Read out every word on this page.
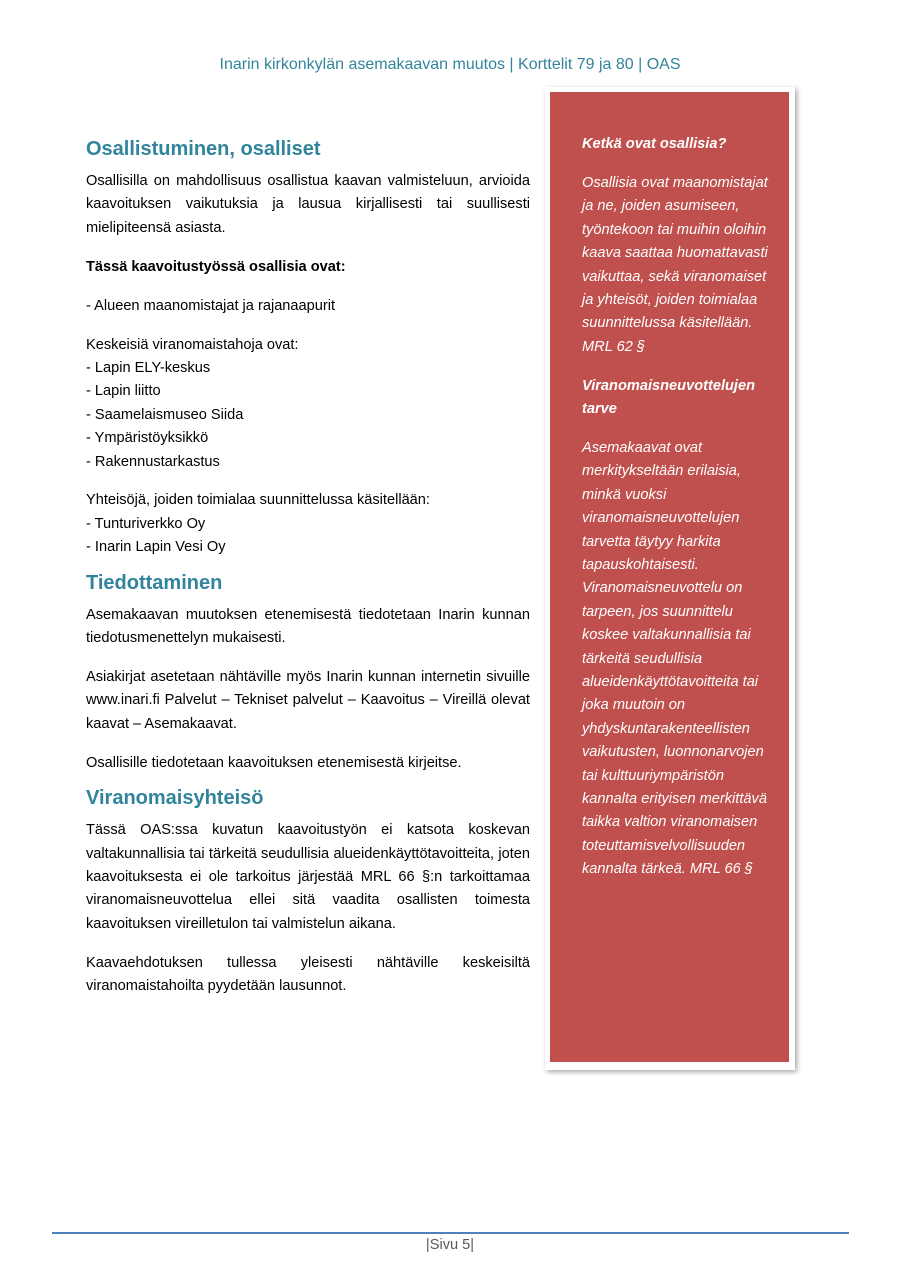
Inarin kirkonkylän asemakaavan muutos | Korttelit 79 ja 80 | OAS
Osallistuminen, osalliset

Osallisilla on mahdollisuus osallistua kaavan valmisteluun, arvioida kaavoituksen vaikutuksia ja lausua kirjallisesti tai suullisesti mielipiteensä asiasta.

Tässä kaavoitustyössä osallisia ovat:

- Alueen maanomistajat ja rajanaapurit

Keskeisiä viranomaistahoja ovat:
- Lapin ELY-keskus
- Lapin liitto
- Saamelaismuseo Siida
- Ympäristöyksikkö
- Rakennustarkastus
Yhteisöjä, joiden toimialaa suunnittelussa käsitellään:
- Tunturiverkko Oy
- Inarin Lapin Vesi Oy
Tiedottaminen

Asemakaavan muutoksen etenemisestä tiedotetaan Inarin kunnan tiedotusmenettelyn mukaisesti.

Asiakirjat asetetaan nähtäville myös Inarin kunnan internetin sivuille www.inari.fi Palvelut – Tekniset palvelut – Kaavoitus – Vireillä olevat kaavat – Asemakaavat.

Osallisille tiedotetaan kaavoituksen etenemisestä kirjeitse.

Viranomaisyhteisö

Tässä OAS:ssa kuvatun kaavoitustyön ei katsota koskevan valtakunnallisia tai tärkeitä seudullisia alueidenkäyttötavoitteita, joten kaavoituksesta ei ole tarkoitus järjestää MRL 66 §:n tarkoittamaa viranomaisneuvottelua ellei sitä vaadita osallisten toimesta kaavoituksen vireilletulon tai valmistelun aikana.

Kaavaehdotuksen tullessa yleisesti nähtäville keskeisiltä viranomaistahoilta pyydetään lausunnot.

Ketkä ovat osallisia?

Osallisia ovat maanomistajat ja ne, joiden asumiseen, työntekoon tai muihin oloihin kaava saattaa huomattavasti vaikuttaa, sekä viranomaiset ja yhteisöt, joiden toimialaa suunnittelussa käsitellään. MRL 62 §

Viranomaisneuvottelujen tarve

Asemakaavat ovat merkitykseltään erilaisia, minkä vuoksi viranomaisneuvottelujen tarvetta täytyy harkita tapauskohtaisesti. Viranomaisneuvottelu on tarpeen, jos suunnittelu koskee valtakunnallisia tai tärkeitä seudullisia alueidenkäyttötavoitteita tai joka muutoin on yhdyskuntarakenteellisten vaikutusten, luonnonarvojen tai kulttuuriympäristön kannalta erityisen merkittävä taikka valtion viranomaisen toteuttamisvelvollisuuden kannalta tärkeä. MRL 66 §

|Sivu 5|
